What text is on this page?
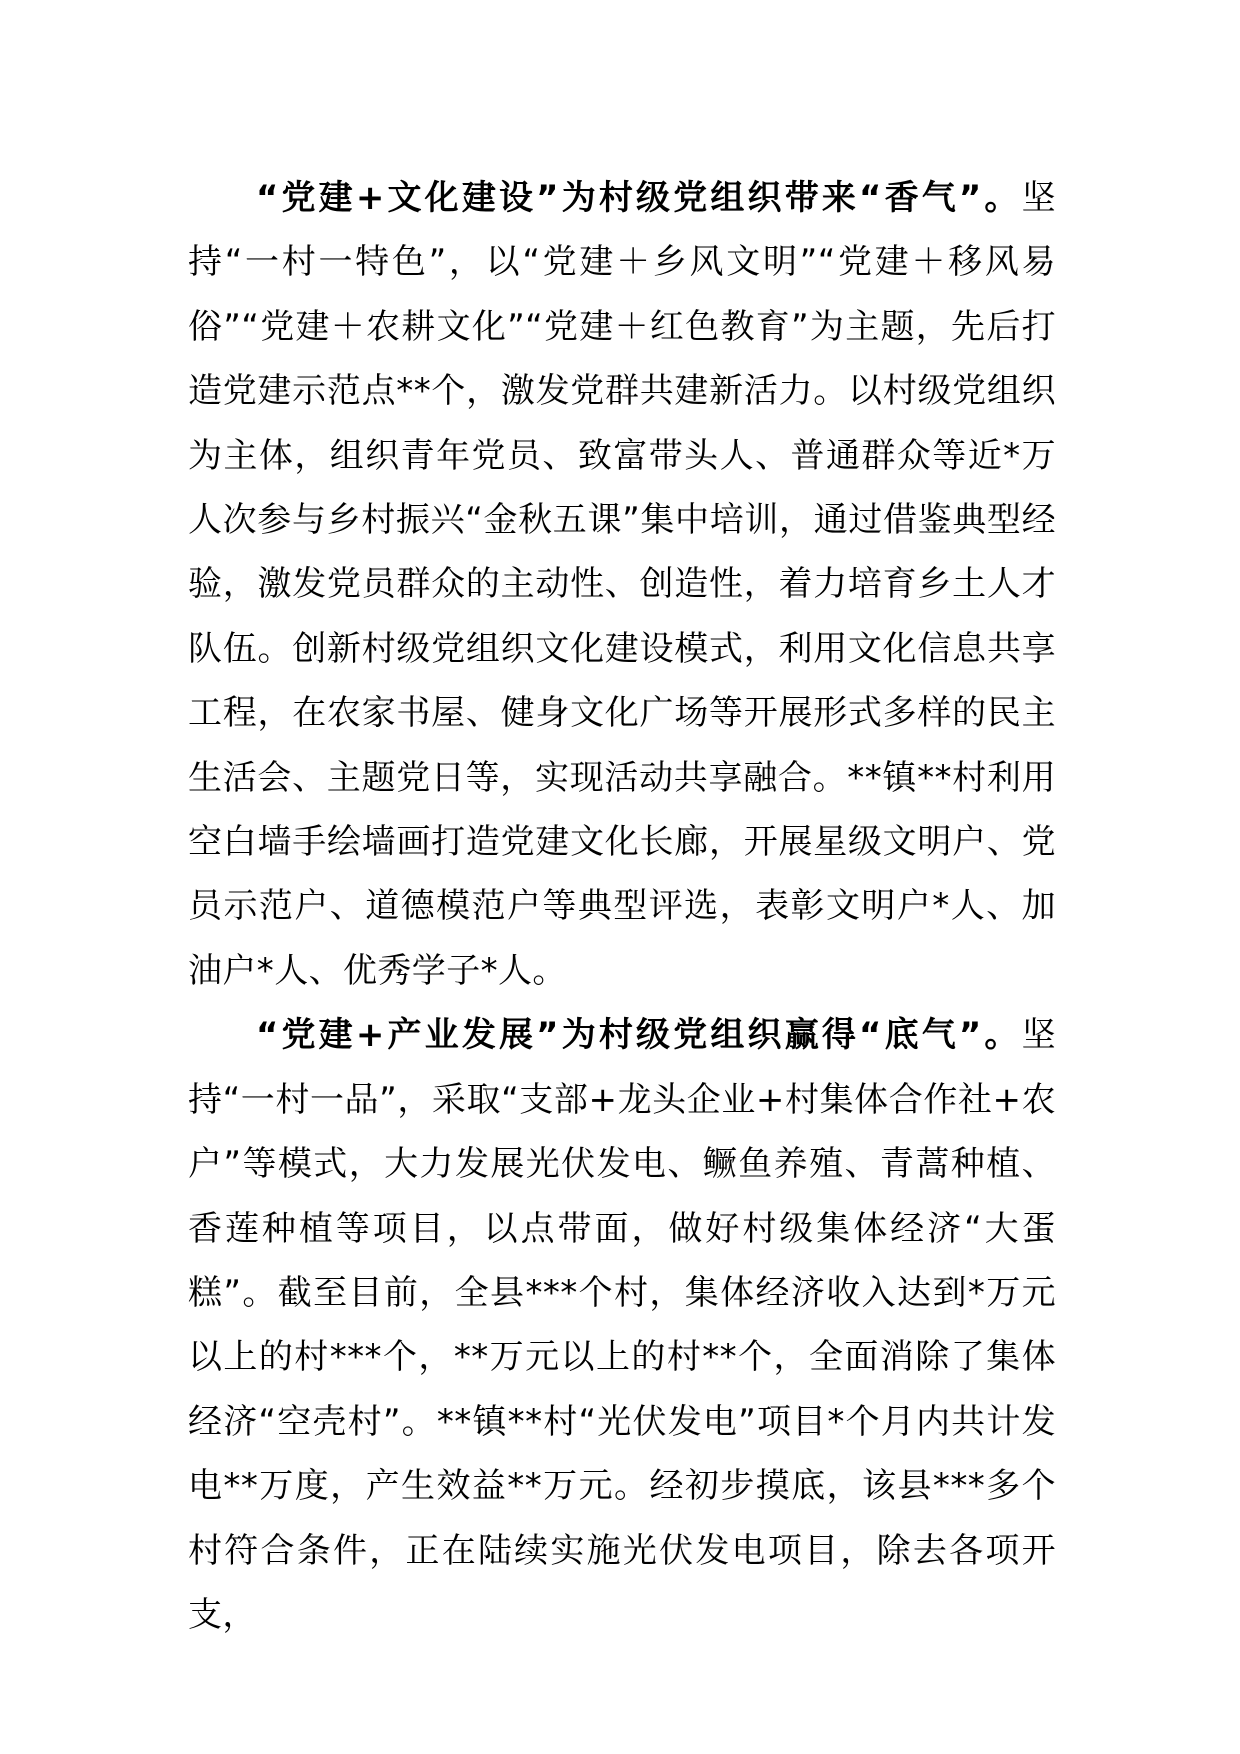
“党建+文化建设”为村级党组织带来“香气”。坚持“一村一特色”，以“党建＋乡风文明”“党建＋移风易俗”“党建＋农耕文化”“党建＋红色教育”为主题，先后打造党建示范点**个，激发党群共建新活力。以村级党组织为主体，组织青年党员、致富带头人、普通群众等近*万人次参与乡村振兴“金秋五课”集中培训，通过借鉴典型经验，激发党员群众的主动性、创造性，着力培育乡土人才队伍。创新村级党组织文化建设模式，利用文化信息共享工程，在农家书屋、健身文化广场等开展形式多样的民主生活会、主题党日等，实现活动共享融合。**镇**村利用空白墙手绘墙画打造党建文化长廊，开展星级文明户、党员示范户、道德模范户等典型评选，表彰文明户*人、加油户*人、优秀学子*人。

“党建+产业发展”为村级党组织赢得“底气”。坚持“一村一品”，采取“支部+龙头企业+村集体合作社+农户”等模式，大力发展光伏发电、鳜鱼养殖、青蒿种植、香莲种植等项目，以点带面，做好村级集体经济“大蛋糕”。截至目前，全县***个村，集体经济收入达到*万元以上的村***个，**万元以上的村**个，全面消除了集体经济“空壳村”。**镇**村“光伏发电”项目*个月内共计发电**万度，产生效益**万元。经初步摸底，该县***多个村符合条件，正在陆续实施光伏发电项目，除去各项开支，
